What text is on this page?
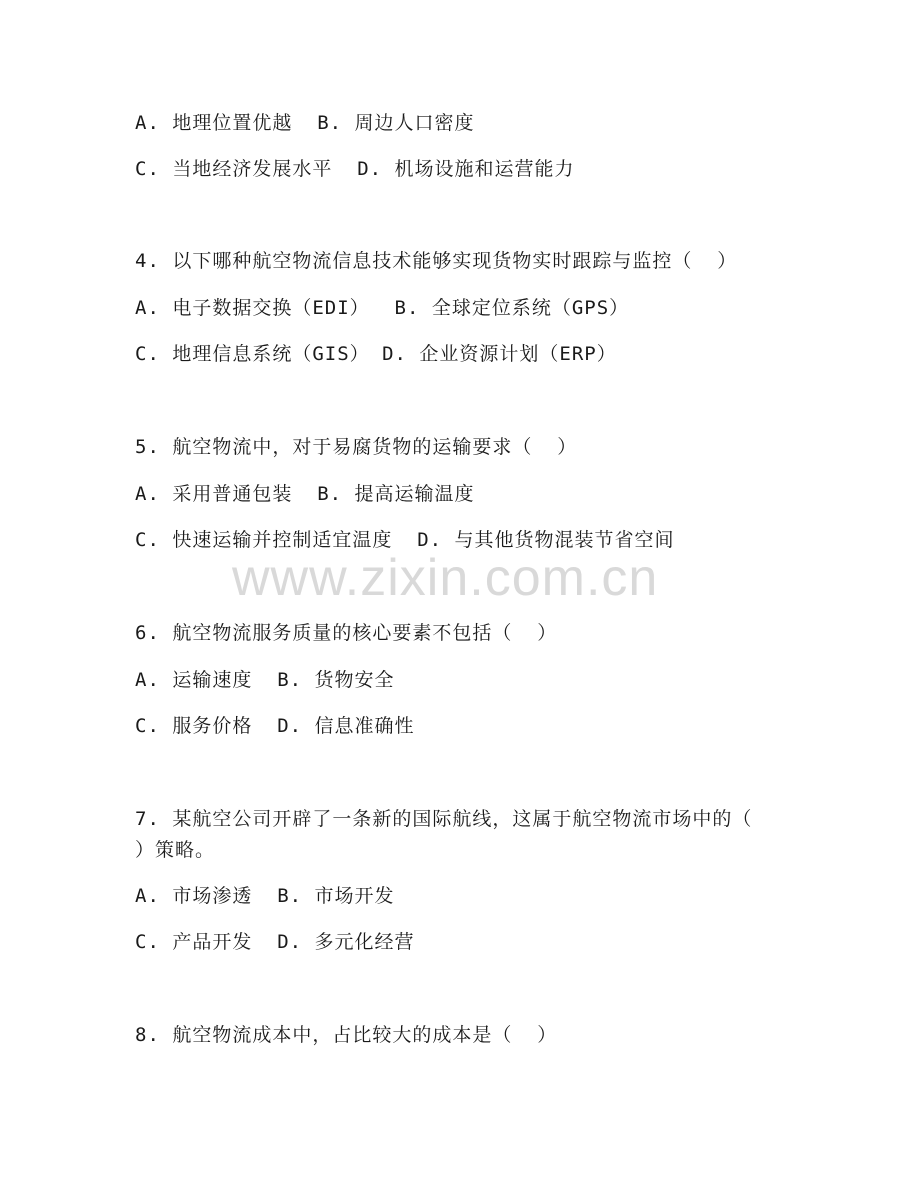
A. 地理位置优越  B. 周边人口密度
C. 当地经济发展水平  D. 机场设施和运营能力
4. 以下哪种航空物流信息技术能够实现货物实时跟踪与监控（  ）
A. 电子数据交换（EDI）  B. 全球定位系统（GPS）
C. 地理信息系统（GIS） D. 企业资源计划（ERP）
5. 航空物流中，对于易腐货物的运输要求（  ）
A. 采用普通包装  B. 提高运输温度
C. 快速运输并控制适宜温度  D. 与其他货物混装节省空间
6. 航空物流服务质量的核心要素不包括（  ）
A. 运输速度  B. 货物安全
C. 服务价格  D. 信息准确性
7. 某航空公司开辟了一条新的国际航线，这属于航空物流市场中的（
）策略。
A. 市场渗透  B. 市场开发
C. 产品开发  D. 多元化经营
8. 航空物流成本中，占比较大的成本是（  ）
www.zixin.com.cn
